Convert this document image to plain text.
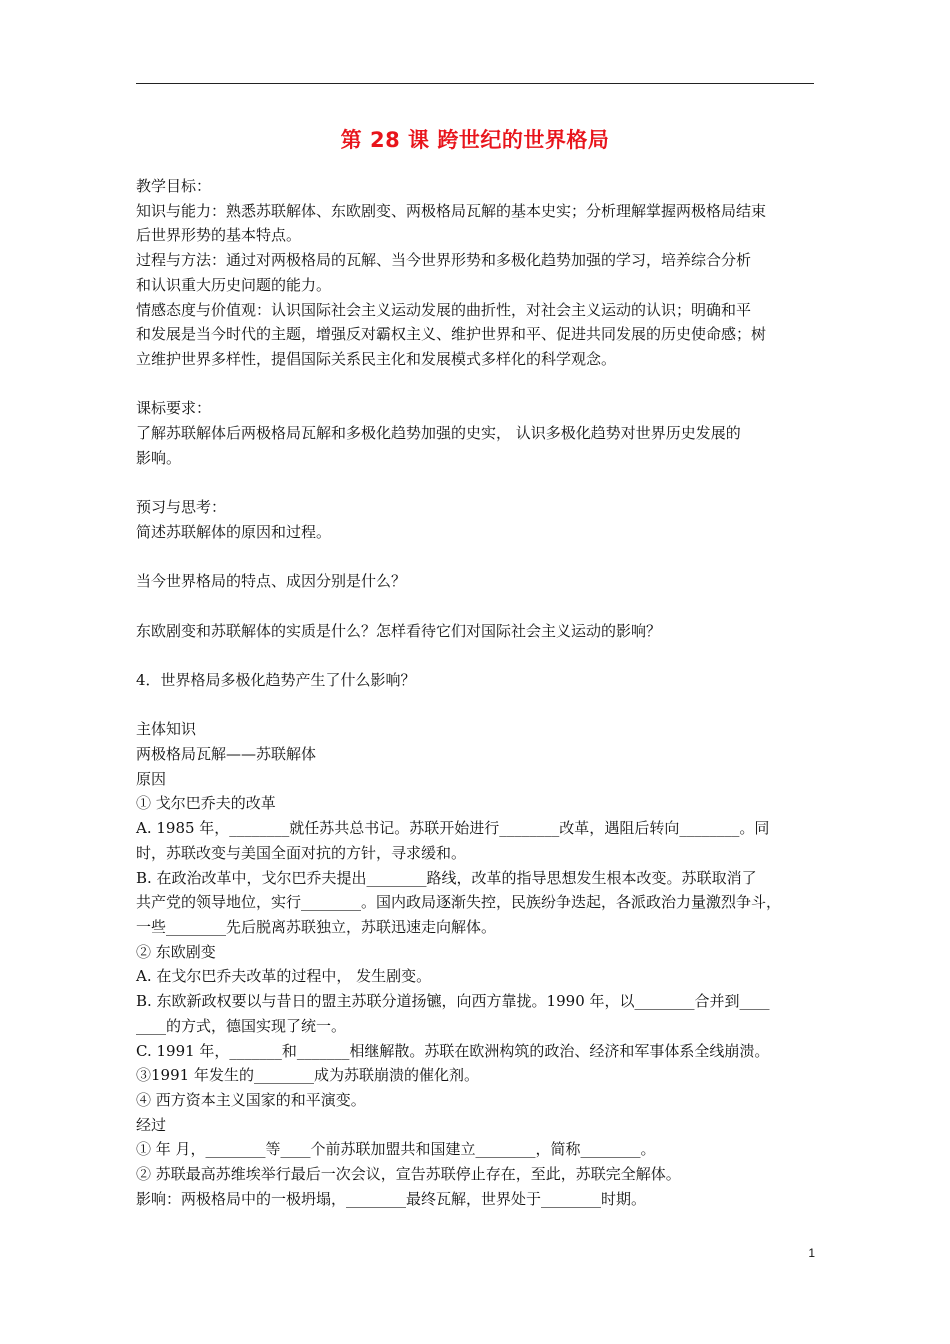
第 28 课 跨世纪的世界格局

教学目标：

知识与能力：熟悉苏联解体、东欧剧变、两极格局瓦解的基本史实；分析理解掌握两极格局结束

后世界形势的基本特点。

过程与方法：通过对两极格局的瓦解、当今世界形势和多极化趋势加强的学习，培养综合分析

和认识重大历史问题的能力。

情感态度与价值观：认识国际社会主义运动发展的曲折性，对社会主义运动的认识；明确和平

和发展是当今时代的主题，增强反对霸权主义、维护世界和平、促进共同发展的历史使命感；树

立维护世界多样性，提倡国际关系民主化和发展模式多样化的科学观念。

课标要求：

了解苏联解体后两极格局瓦解和多极化趋势加强的史实， 认识多极化趋势对世界历史发展的

影响。

预习与思考：

简述苏联解体的原因和过程。

当今世界格局的特点、成因分别是什么？

东欧剧变和苏联解体的实质是什么？怎样看待它们对国际社会主义运动的影响？

4．世界格局多极化趋势产生了什么影响？

主体知识

两极格局瓦解——苏联解体

原因

① 戈尔巴乔夫的改革

A. 1985 年，________就任苏共总书记。苏联开始进行________改革，遇阻后转向________。同

时，苏联改变与美国全面对抗的方针，寻求缓和。

B. 在政治改革中，戈尔巴乔夫提出________路线，改革的指导思想发生根本改变。苏联取消了

共产党的领导地位，实行________。国内政局逐渐失控，民族纷争迭起，各派政治力量激烈争斗，

一些________先后脱离苏联独立，苏联迅速走向解体。

② 东欧剧变

A. 在戈尔巴乔夫改革的过程中， 发生剧变。

B. 东欧新政权要以与昔日的盟主苏联分道扬镳，向西方靠拢。1990 年，以________合并到____

____的方式，德国实现了统一。

C. 1991 年，_______和_______相继解散。苏联在欧洲构筑的政治、经济和军事体系全线崩溃。

③1991 年发生的________成为苏联崩溃的催化剂。

④ 西方资本主义国家的和平演变。

经过

① 年 月，________等____个前苏联加盟共和国建立________，简称________。

② 苏联最高苏维埃举行最后一次会议，宣告苏联停止存在，至此，苏联完全解体。

影响：两极格局中的一极坍塌，________最终瓦解，世界处于________时期。

1
